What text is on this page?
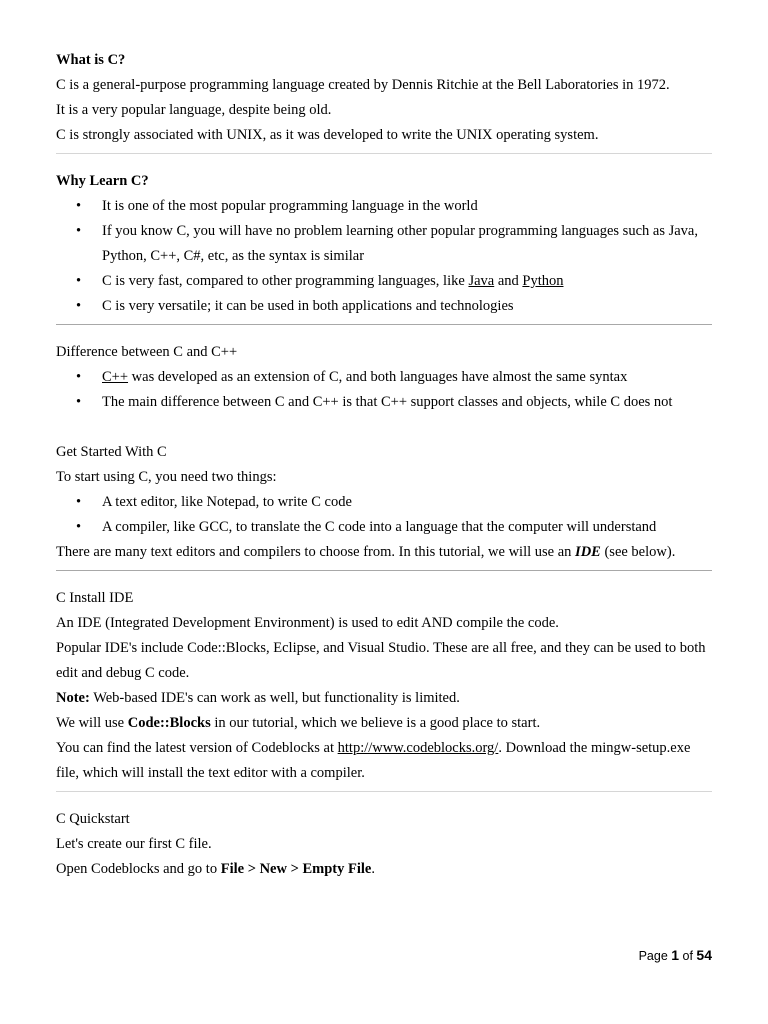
What is C?
C is a general-purpose programming language created by Dennis Ritchie at the Bell Laboratories in 1972.
It is a very popular language, despite being old.
C is strongly associated with UNIX, as it was developed to write the UNIX operating system.
Why Learn C?
• It is one of the most popular programming language in the world
• If you know C, you will have no problem learning other popular programming languages such as Java, Python, C++, C#, etc, as the syntax is similar
• C is very fast, compared to other programming languages, like Java and Python
• C is very versatile; it can be used in both applications and technologies
Difference between C and C++
• C++ was developed as an extension of C, and both languages have almost the same syntax
• The main difference between C and C++ is that C++ support classes and objects, while C does not
Get Started With C
To start using C, you need two things:
• A text editor, like Notepad, to write C code
• A compiler, like GCC, to translate the C code into a language that the computer will understand
There are many text editors and compilers to choose from. In this tutorial, we will use an IDE (see below).
C Install IDE
An IDE (Integrated Development Environment) is used to edit AND compile the code.
Popular IDE's include Code::Blocks, Eclipse, and Visual Studio. These are all free, and they can be used to both edit and debug C code.
Note: Web-based IDE's can work as well, but functionality is limited.
We will use Code::Blocks in our tutorial, which we believe is a good place to start.
You can find the latest version of Codeblocks at http://www.codeblocks.org/. Download the mingw-setup.exe file, which will install the text editor with a compiler.
C Quickstart
Let's create our first C file.
Open Codeblocks and go to File > New > Empty File.
Page 1 of 54
